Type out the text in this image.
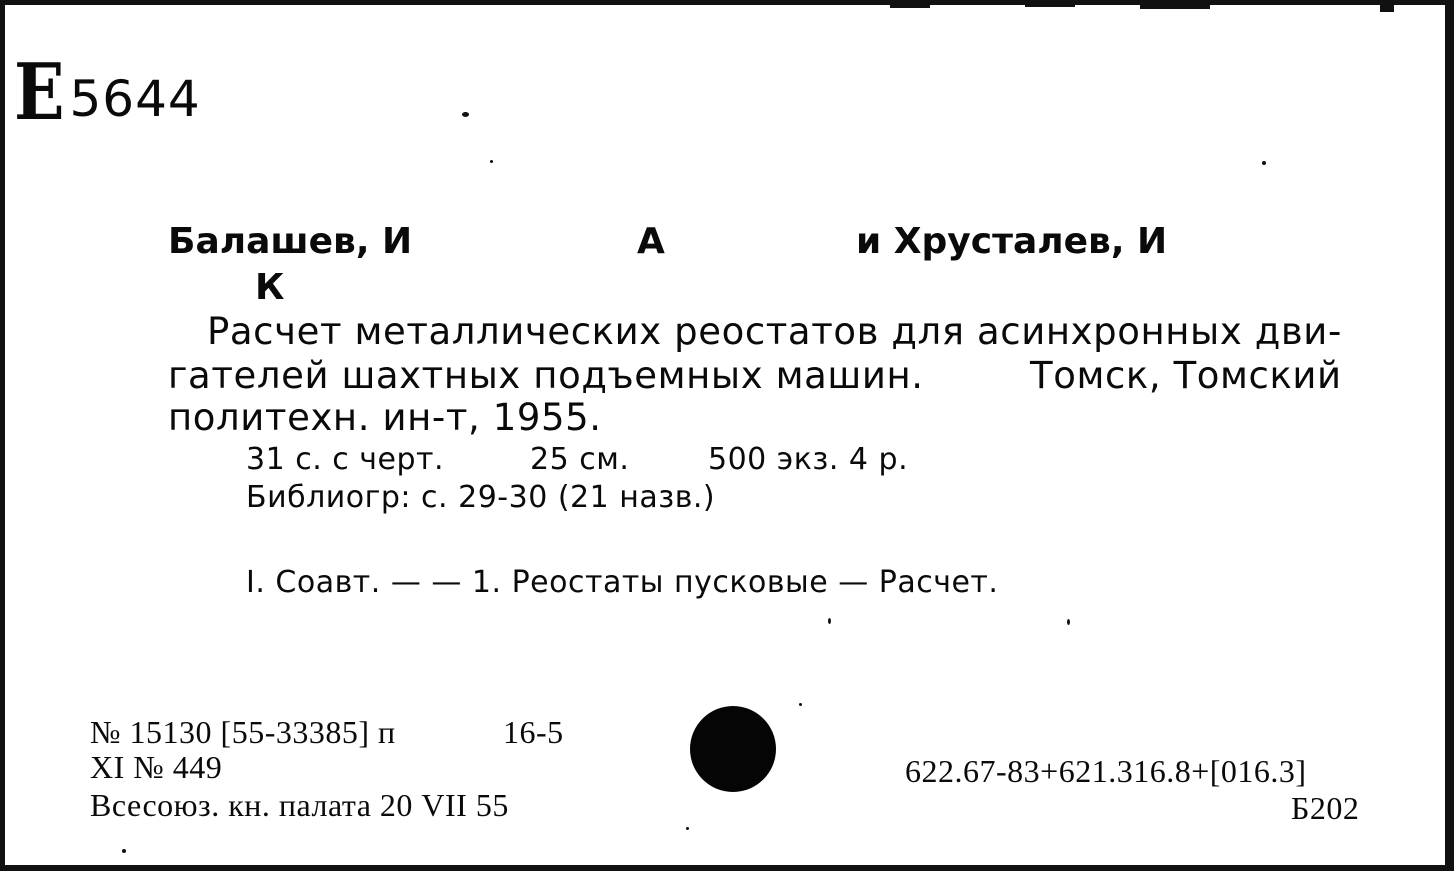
Е 5644
Балашев, И	А	и Хрусталев, И
К
Расчет металлических реостатов для асинхронных дви-
гателей шахтных подъемных машин.	Томск, Томский
политехн. ин-т, 1955.
31 с. с черт.	25 см.	500 экз. 4 р.
Библиогр: с. 29-30 (21 назв.)
I. Соавт. — — 1. Реостаты пусковые — Расчет.
№ 15130 [55-33385] п	16-5
XI № 449
Всесоюз. кн. палата 20 VII 55
622.67-83+621.316.8+[016.3]
Б202
